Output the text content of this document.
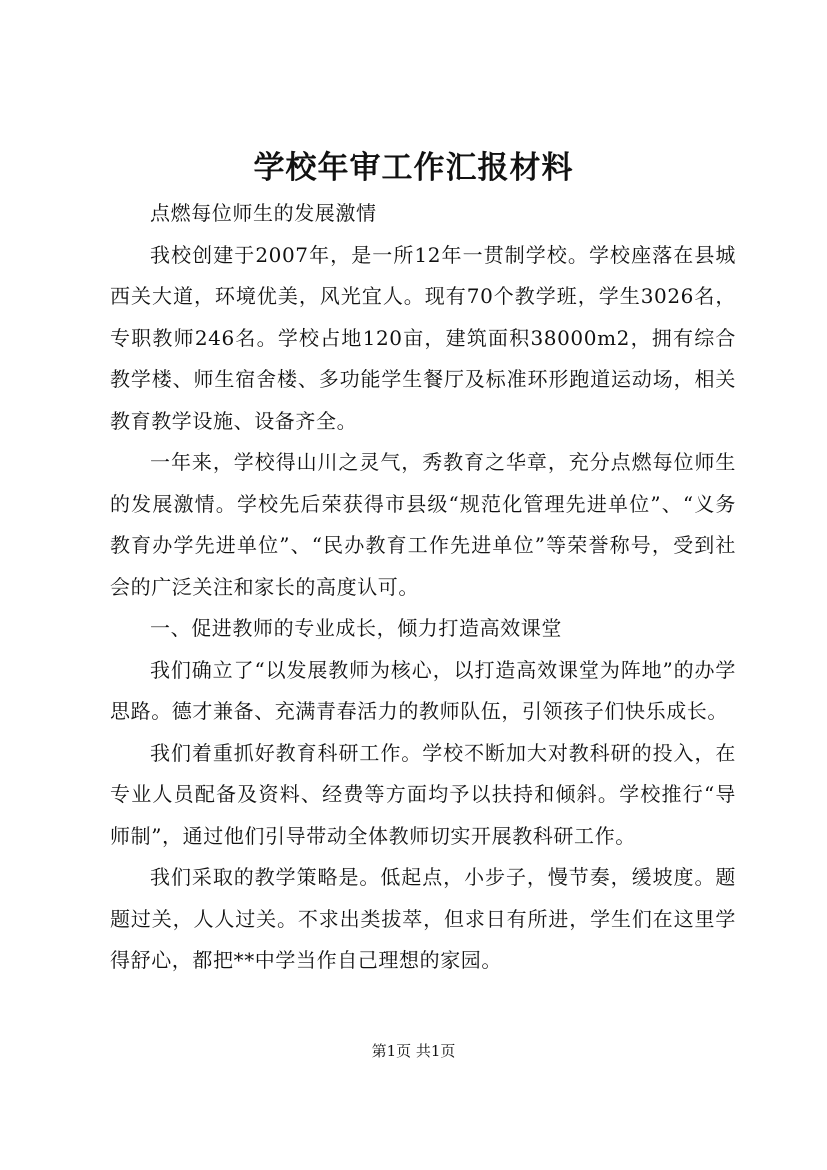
学校年审工作汇报材料

点燃每位师生的发展激情

我校创建于2007年，是一所12年一贯制学校。学校座落在县城西关大道，环境优美，风光宜人。现有70个教学班，学生3026名，专职教师246名。学校占地120亩，建筑面积38000m2，拥有综合教学楼、师生宿舍楼、多功能学生餐厅及标准环形跑道运动场，相关教育教学设施、设备齐全。

一年来，学校得山川之灵气，秀教育之华章，充分点燃每位师生的发展激情。学校先后荣获得市县级“规范化管理先进单位”、“义务教育办学先进单位”、“民办教育工作先进单位”等荣誉称号，受到社会的广泛关注和家长的高度认可。

一、促进教师的专业成长，倾力打造高效课堂

我们确立了“以发展教师为核心，以打造高效课堂为阵地”的办学思路。德才兼备、充满青春活力的教师队伍，引领孩子们快乐成长。

我们着重抓好教育科研工作。学校不断加大对教科研的投入，在专业人员配备及资料、经费等方面均予以扶持和倾斜。学校推行“导师制”，通过他们引导带动全体教师切实开展教科研工作。

我们采取的教学策略是。低起点，小步子，慢节奏，缓坡度。题题过关，人人过关。不求出类拔萃，但求日有所进，学生们在这里学得舒心，都把**中学当作自己理想的家园。

第1页 共1页
